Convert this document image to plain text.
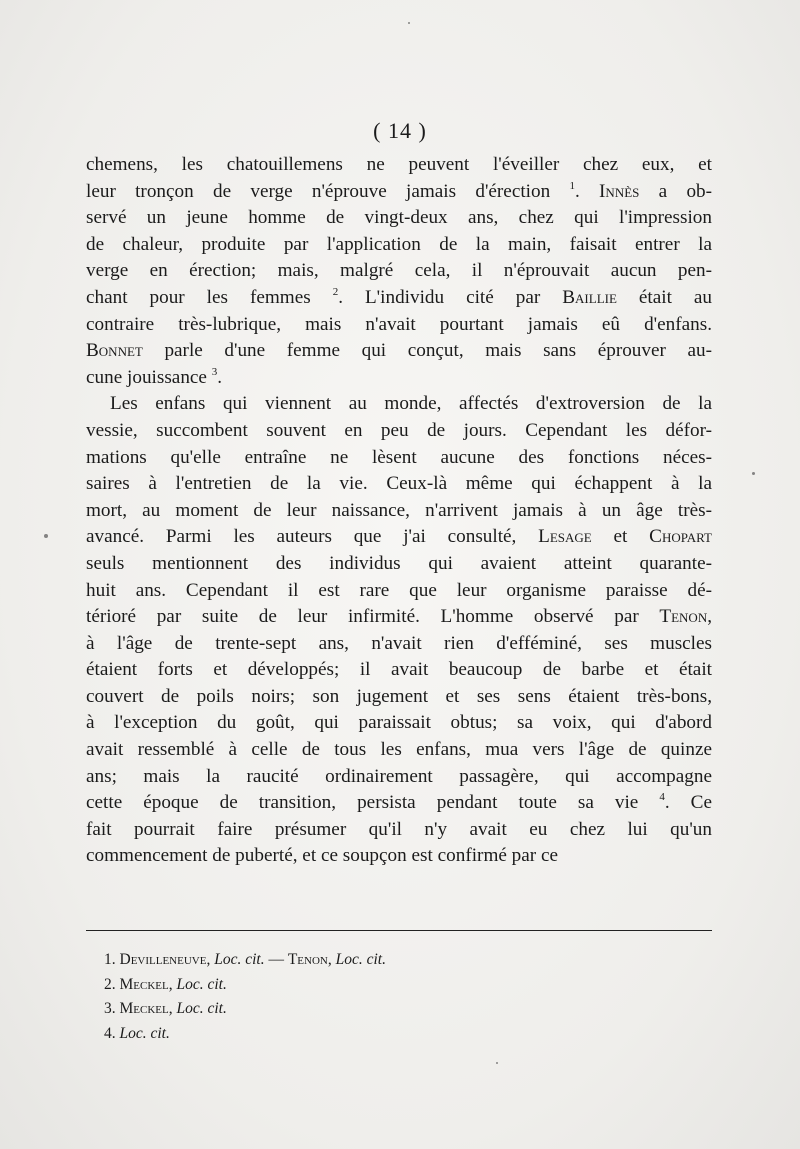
( 14 )
chemens, les chatouillemens ne peuvent l'éveiller chez eux, et
leur tronçon de verge n'éprouve jamais d'érection $^1$. Innès a ob-
servé un jeune homme de vingt-deux ans, chez qui l'impression
de chaleur, produite par l'application de la main, faisait entrer la
verge en érection; mais, malgré cela, il n'éprouvait aucun pen-
chant pour les femmes $^2$. L'individu cité par Baillie était au
contraire très-lubrique, mais n'avait pourtant jamais eû d'enfans.
Bonnet parle d'une femme qui conçut, mais sans éprouver au-
cune jouissance $^3$.
Les enfans qui viennent au monde, affectés d'extroversion de la
vessie, succombent souvent en peu de jours. Cependant les défor-
mations qu'elle entraîne ne lèsent aucune des fonctions néces-
saires à l'entretien de la vie. Ceux-là même qui échappent à la
mort, au moment de leur naissance, n'arrivent jamais à un âge très-
avancé. Parmi les auteurs que j'ai consulté, Lesage et Chopart
seuls mentionnent des individus qui avaient atteint quarante-
huit ans. Cependant il est rare que leur organisme paraisse dé-
térioré par suite de leur infirmité. L'homme observé par Tenon,
à l'âge de trente-sept ans, n'avait rien d'efféminé, ses muscles
étaient forts et développés; il avait beaucoup de barbe et était
couvert de poils noirs; son jugement et ses sens étaient très-bons,
à l'exception du goût, qui paraissait obtus; sa voix, qui d'abord
avait ressemblé à celle de tous les enfans, mua vers l'âge de quinze
ans; mais la raucité ordinairement passagère, qui accompagne
cette époque de transition, persista pendant toute sa vie $^4$. Ce
fait pourrait faire présumer qu'il n'y avait eu chez lui qu'un
commencement de puberté, et ce soupçon est confirmé par ce
1. Devilleneuve, Loc. cit. — Tenon, Loc. cit.
2. Meckel, Loc. cit.
3. Meckel, Loc. cit.
4. Loc. cit.
